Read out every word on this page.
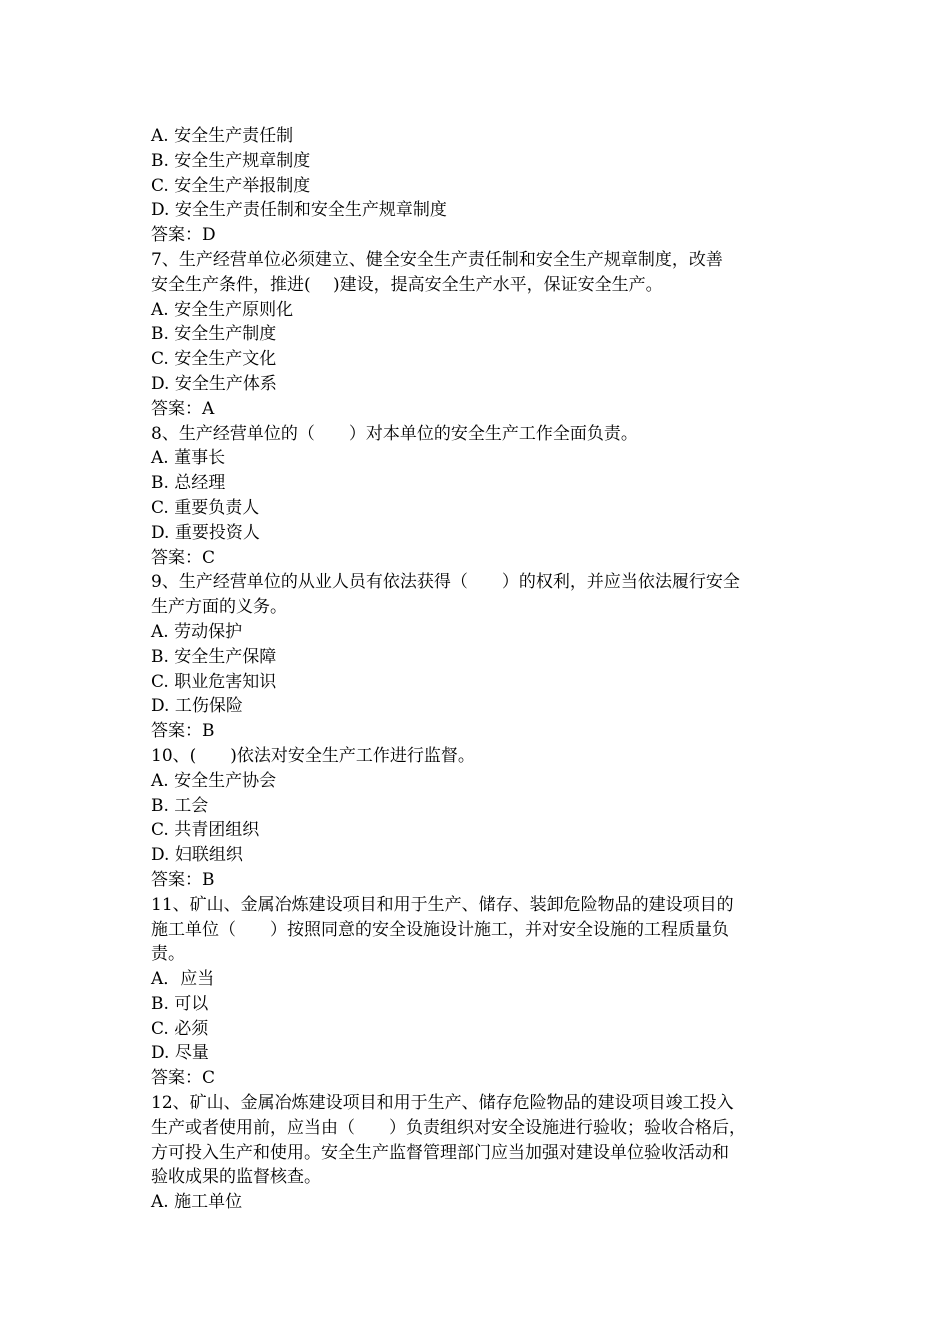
A. 安全生产责任制
B. 安全生产规章制度
C. 安全生产举报制度
D. 安全生产责任制和安全生产规章制度
答案：D
7、生产经营单位必须建立、健全安全生产责任制和安全生产规章制度，改善
安全生产条件，推进(　 )建设，提高安全生产水平，保证安全生产。
A. 安全生产原则化
B. 安全生产制度
C. 安全生产文化
D. 安全生产体系
答案：A
8、生产经营单位的（　　）对本单位的安全生产工作全面负责。
A. 董事长
B. 总经理
C. 重要负责人
D. 重要投资人
答案：C
9、生产经营单位的从业人员有依法获得（　　）的权利，并应当依法履行安全
生产方面的义务。
A. 劳动保护
B. 安全生产保障
C. 职业危害知识
D. 工伤保险
答案：B
10、(　　)依法对安全生产工作进行监督。
A. 安全生产协会
B. 工会
C. 共青团组织
D. 妇联组织
答案：B
11、矿山、金属冶炼建设项目和用于生产、储存、装卸危险物品的建设项目的
施工单位（　　）按照同意的安全设施设计施工，并对安全设施的工程质量负
责。
A．应当
B. 可以
C. 必须
D. 尽量
答案：C
12、矿山、金属冶炼建设项目和用于生产、储存危险物品的建设项目竣工投入
生产或者使用前，应当由（　　）负责组织对安全设施进行验收；验收合格后，
方可投入生产和使用。安全生产监督管理部门应当加强对建设单位验收活动和
验收成果的监督核查。
A. 施工单位
